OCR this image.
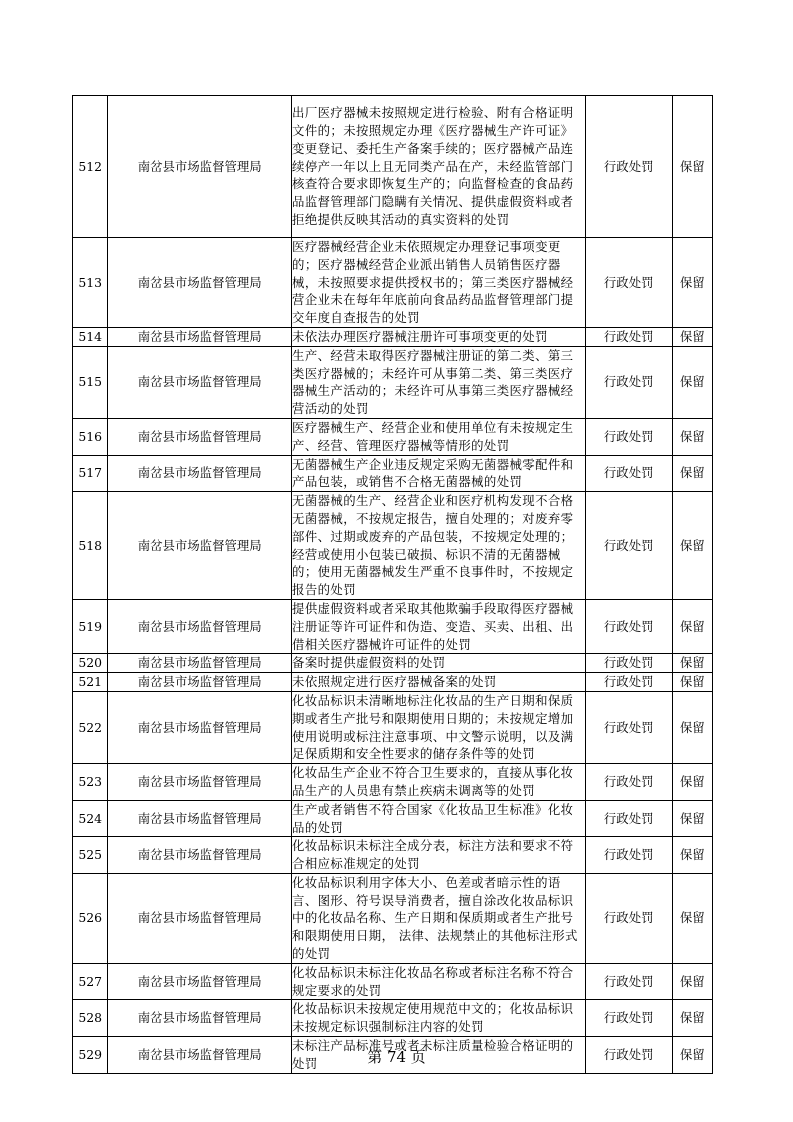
512	南岔县市场监督管理局	出厂医疗器械未按照规定进行检验、附有合格证明文件的；未按照规定办理《医疗器械生产许可证》变更登记、委托生产备案手续的；医疗器械产品连续停产一年以上且无同类产品在产，未经监管部门核查符合要求即恢复生产的；向监督检查的食品药品监督管理部门隐瞒有关情况、提供虚假资料或者拒绝提供反映其活动的真实资料的处罚	行政处罚	保留
513	南岔县市场监督管理局	医疗器械经营企业未依照规定办理登记事项变更的；医疗器械经营企业派出销售人员销售医疗器械，未按照要求提供授权书的；第三类医疗器械经营企业未在每年年底前向食品药品监督管理部门提交年度自查报告的处罚	行政处罚	保留
514	南岔县市场监督管理局	未依法办理医疗器械注册许可事项变更的处罚	行政处罚	保留
515	南岔县市场监督管理局	生产、经营未取得医疗器械注册证的第二类、第三类医疗器械的；未经许可从事第二类、第三类医疗器械生产活动的；未经许可从事第三类医疗器械经营活动的处罚	行政处罚	保留
516	南岔县市场监督管理局	医疗器械生产、经营企业和使用单位有未按规定生产、经营、管理医疗器械等情形的处罚	行政处罚	保留
517	南岔县市场监督管理局	无菌器械生产企业违反规定采购无菌器械零配件和产品包装，或销售不合格无菌器械的处罚	行政处罚	保留
518	南岔县市场监督管理局	无菌器械的生产、经营企业和医疗机构发现不合格无菌器械，不按规定报告，擅自处理的；对废弃零部件、过期或废弃的产品包装，不按规定处理的；经营或使用小包装已破损、标识不清的无菌器械的；使用无菌器械发生严重不良事件时，不按规定报告的处罚	行政处罚	保留
519	南岔县市场监督管理局	提供虚假资料或者采取其他欺骗手段取得医疗器械注册证等许可证件和伪造、变造、买卖、出租、出借相关医疗器械许可证件的处罚	行政处罚	保留
520	南岔县市场监督管理局	备案时提供虚假资料的处罚	行政处罚	保留
521	南岔县市场监督管理局	未依照规定进行医疗器械备案的处罚	行政处罚	保留
522	南岔县市场监督管理局	化妆品标识未清晰地标注化妆品的生产日期和保质期或者生产批号和限期使用日期的；未按规定增加使用说明或标注注意事项、中文警示说明，以及满足保质期和安全性要求的储存条件等的处罚	行政处罚	保留
523	南岔县市场监督管理局	化妆品生产企业不符合卫生要求的，直接从事化妆品生产的人员患有禁止疾病未调离等的处罚	行政处罚	保留
524	南岔县市场监督管理局	生产或者销售不符合国家《化妆品卫生标准》化妆品的处罚	行政处罚	保留
525	南岔县市场监督管理局	化妆品标识未标注全成分表，标注方法和要求不符合相应标准规定的处罚	行政处罚	保留
526	南岔县市场监督管理局	化妆品标识利用字体大小、色差或者暗示性的语言、图形、符号误导消费者，擅自涂改化妆品标识中的化妆品名称、生产日期和保质期或者生产批号和限期使用日期， 法律、法规禁止的其他标注形式的处罚	行政处罚	保留
527	南岔县市场监督管理局	化妆品标识未标注化妆品名称或者标注名称不符合规定要求的处罚	行政处罚	保留
528	南岔县市场监督管理局	化妆品标识未按规定使用规范中文的；化妆品标识未按规定标识强制标注内容的处罚	行政处罚	保留
529	南岔县市场监督管理局	未标注产品标准号或者未标注质量检验合格证明的处罚	行政处罚	保留
第 74 页
